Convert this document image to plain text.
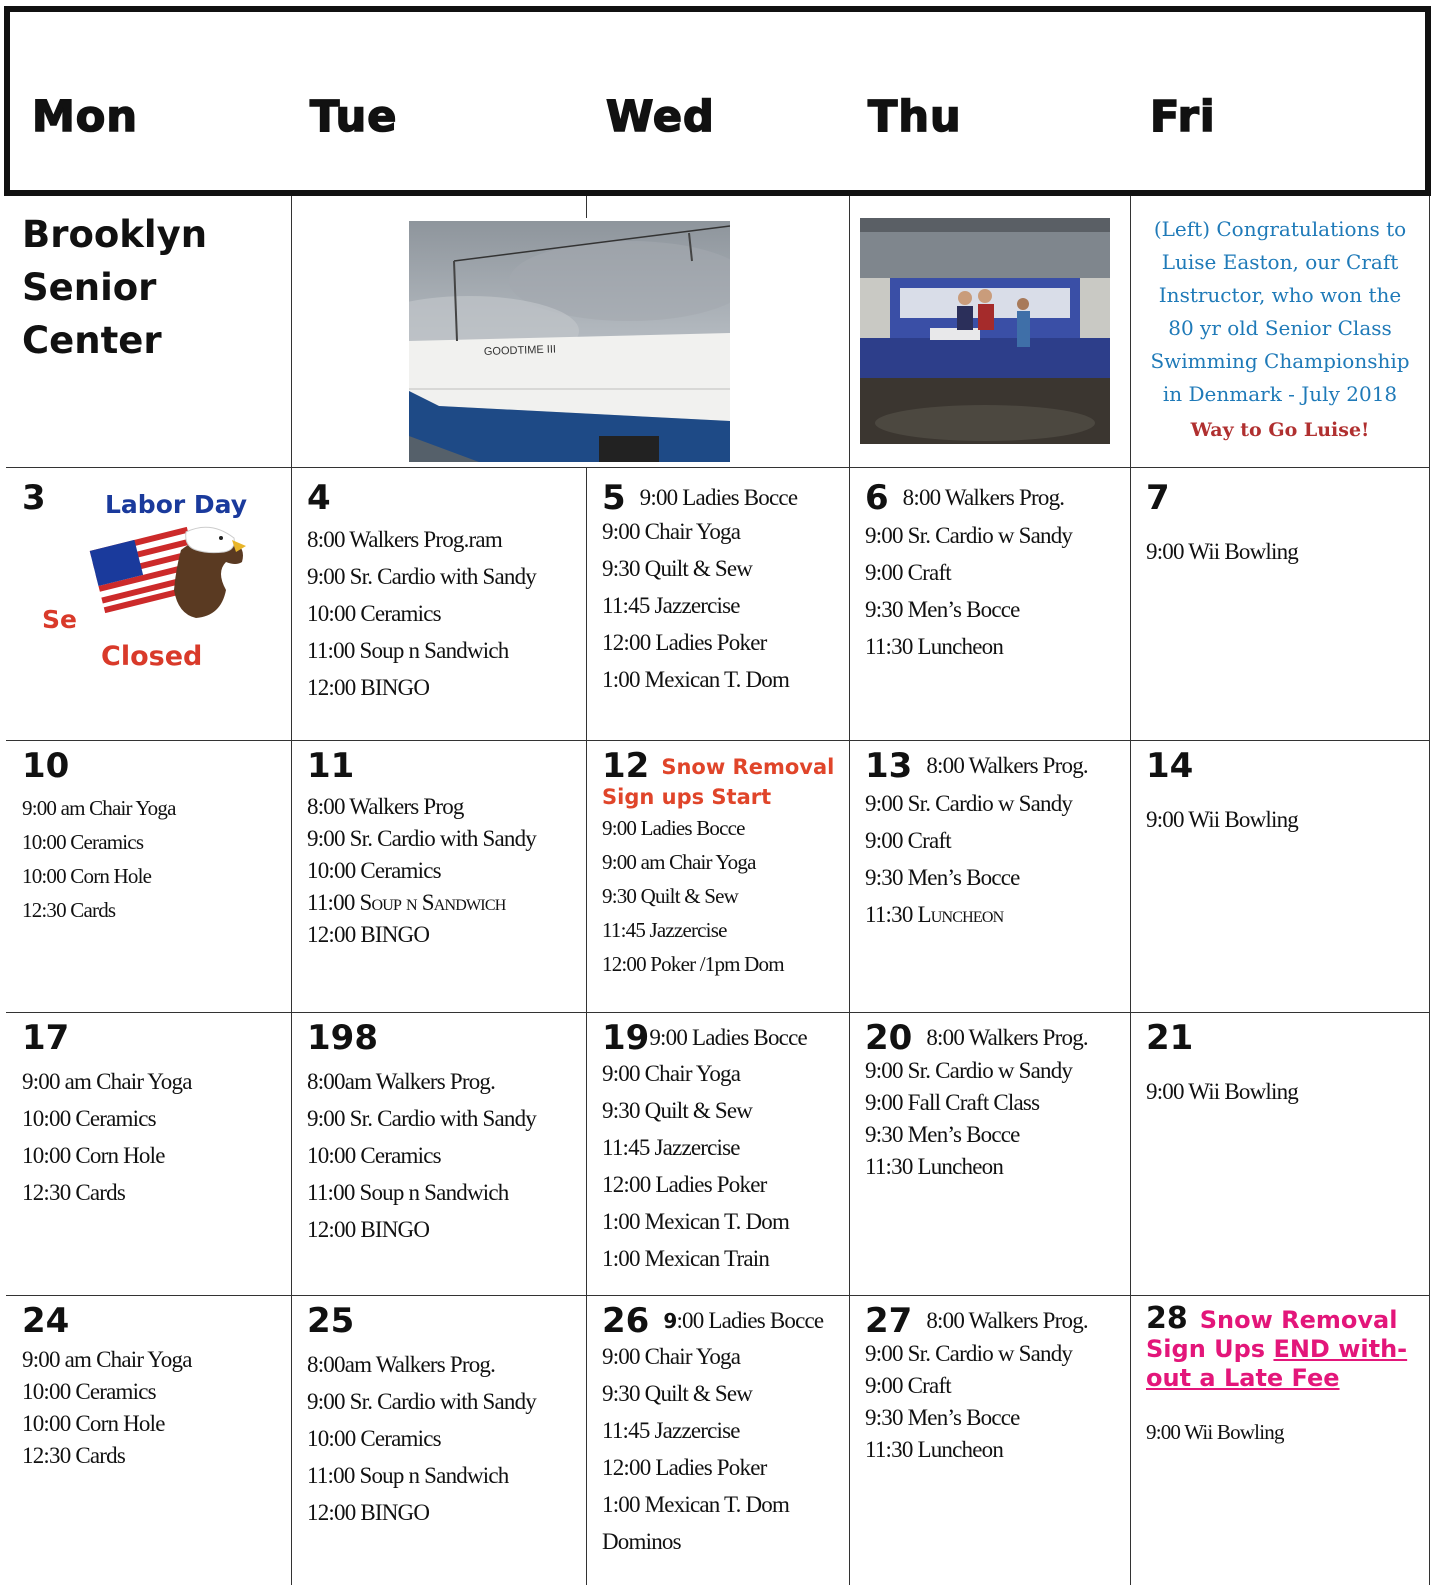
Mon	Tue	Wed	Thu	Fri
Brooklyn
Senior
Center	GOODTIME III
(Left) Congratulations to
Luise Easton, our Craft
Instructor, who won the
80 yr old Senior Class
Swimming Championship
in Denmark - July 2018
Way to Go Luise!
3 Labor Day
Se
Closed
4
8:00 Walkers Prog.ram
9:00 Sr. Cardio with Sandy
10:00 Ceramics
11:00 Soup n Sandwich
12:00 BINGO
5 9:00 Ladies Bocce
9:00 Chair Yoga
9:30 Quilt & Sew
11:45 Jazzercise
12:00 Ladies Poker
1:00 Mexican T. Dom
6 8:00 Walkers Prog.
9:00 Sr. Cardio w Sandy
9:00 Craft
9:30 Men’s Bocce
11:30 Luncheon
7
9:00 Wii Bowling
10
9:00 am Chair Yoga
10:00 Ceramics
10:00 Corn Hole
12:30 Cards
11
8:00 Walkers Prog
9:00 Sr. Cardio with Sandy
10:00 Ceramics
11:00 Soup n Sandwich
12:00 BINGO
12 Snow Removal
Sign ups Start
9:00 Ladies Bocce
9:00 am Chair Yoga
9:30 Quilt & Sew
11:45 Jazzercise
12:00 Poker /1pm Dom
13 8:00 Walkers Prog.
9:00 Sr. Cardio w Sandy
9:00 Craft
9:30 Men’s Bocce
11:30 Luncheon
14
9:00 Wii Bowling
17
9:00 am Chair Yoga
10:00 Ceramics
10:00 Corn Hole
12:30 Cards
198
8:00am Walkers Prog.
9:00 Sr. Cardio with Sandy
10:00 Ceramics
11:00 Soup n Sandwich
12:00 BINGO
199:00 Ladies Bocce
9:00 Chair Yoga
9:30 Quilt & Sew
11:45 Jazzercise
12:00 Ladies Poker
1:00 Mexican T. Dom
1:00 Mexican Train
20 8:00 Walkers Prog.
9:00 Sr. Cardio w Sandy
9:00 Fall Craft Class
9:30 Men’s Bocce
11:30 Luncheon
21
9:00 Wii Bowling
24
9:00 am Chair Yoga
10:00 Ceramics
10:00 Corn Hole
12:30 Cards
25
8:00am Walkers Prog.
9:00 Sr. Cardio with Sandy
10:00 Ceramics
11:00 Soup n Sandwich
12:00 BINGO
26 9:00 Ladies Bocce
9:00 Chair Yoga
9:30 Quilt & Sew
11:45 Jazzercise
12:00 Ladies Poker
1:00 Mexican T. Dom
Dominos
27 8:00 Walkers Prog.
9:00 Sr. Cardio w Sandy
9:00 Craft
9:30 Men’s Bocce
11:30 Luncheon
28 Snow Removal
Sign Ups END with-
out a Late Fee
9:00 Wii Bowling
